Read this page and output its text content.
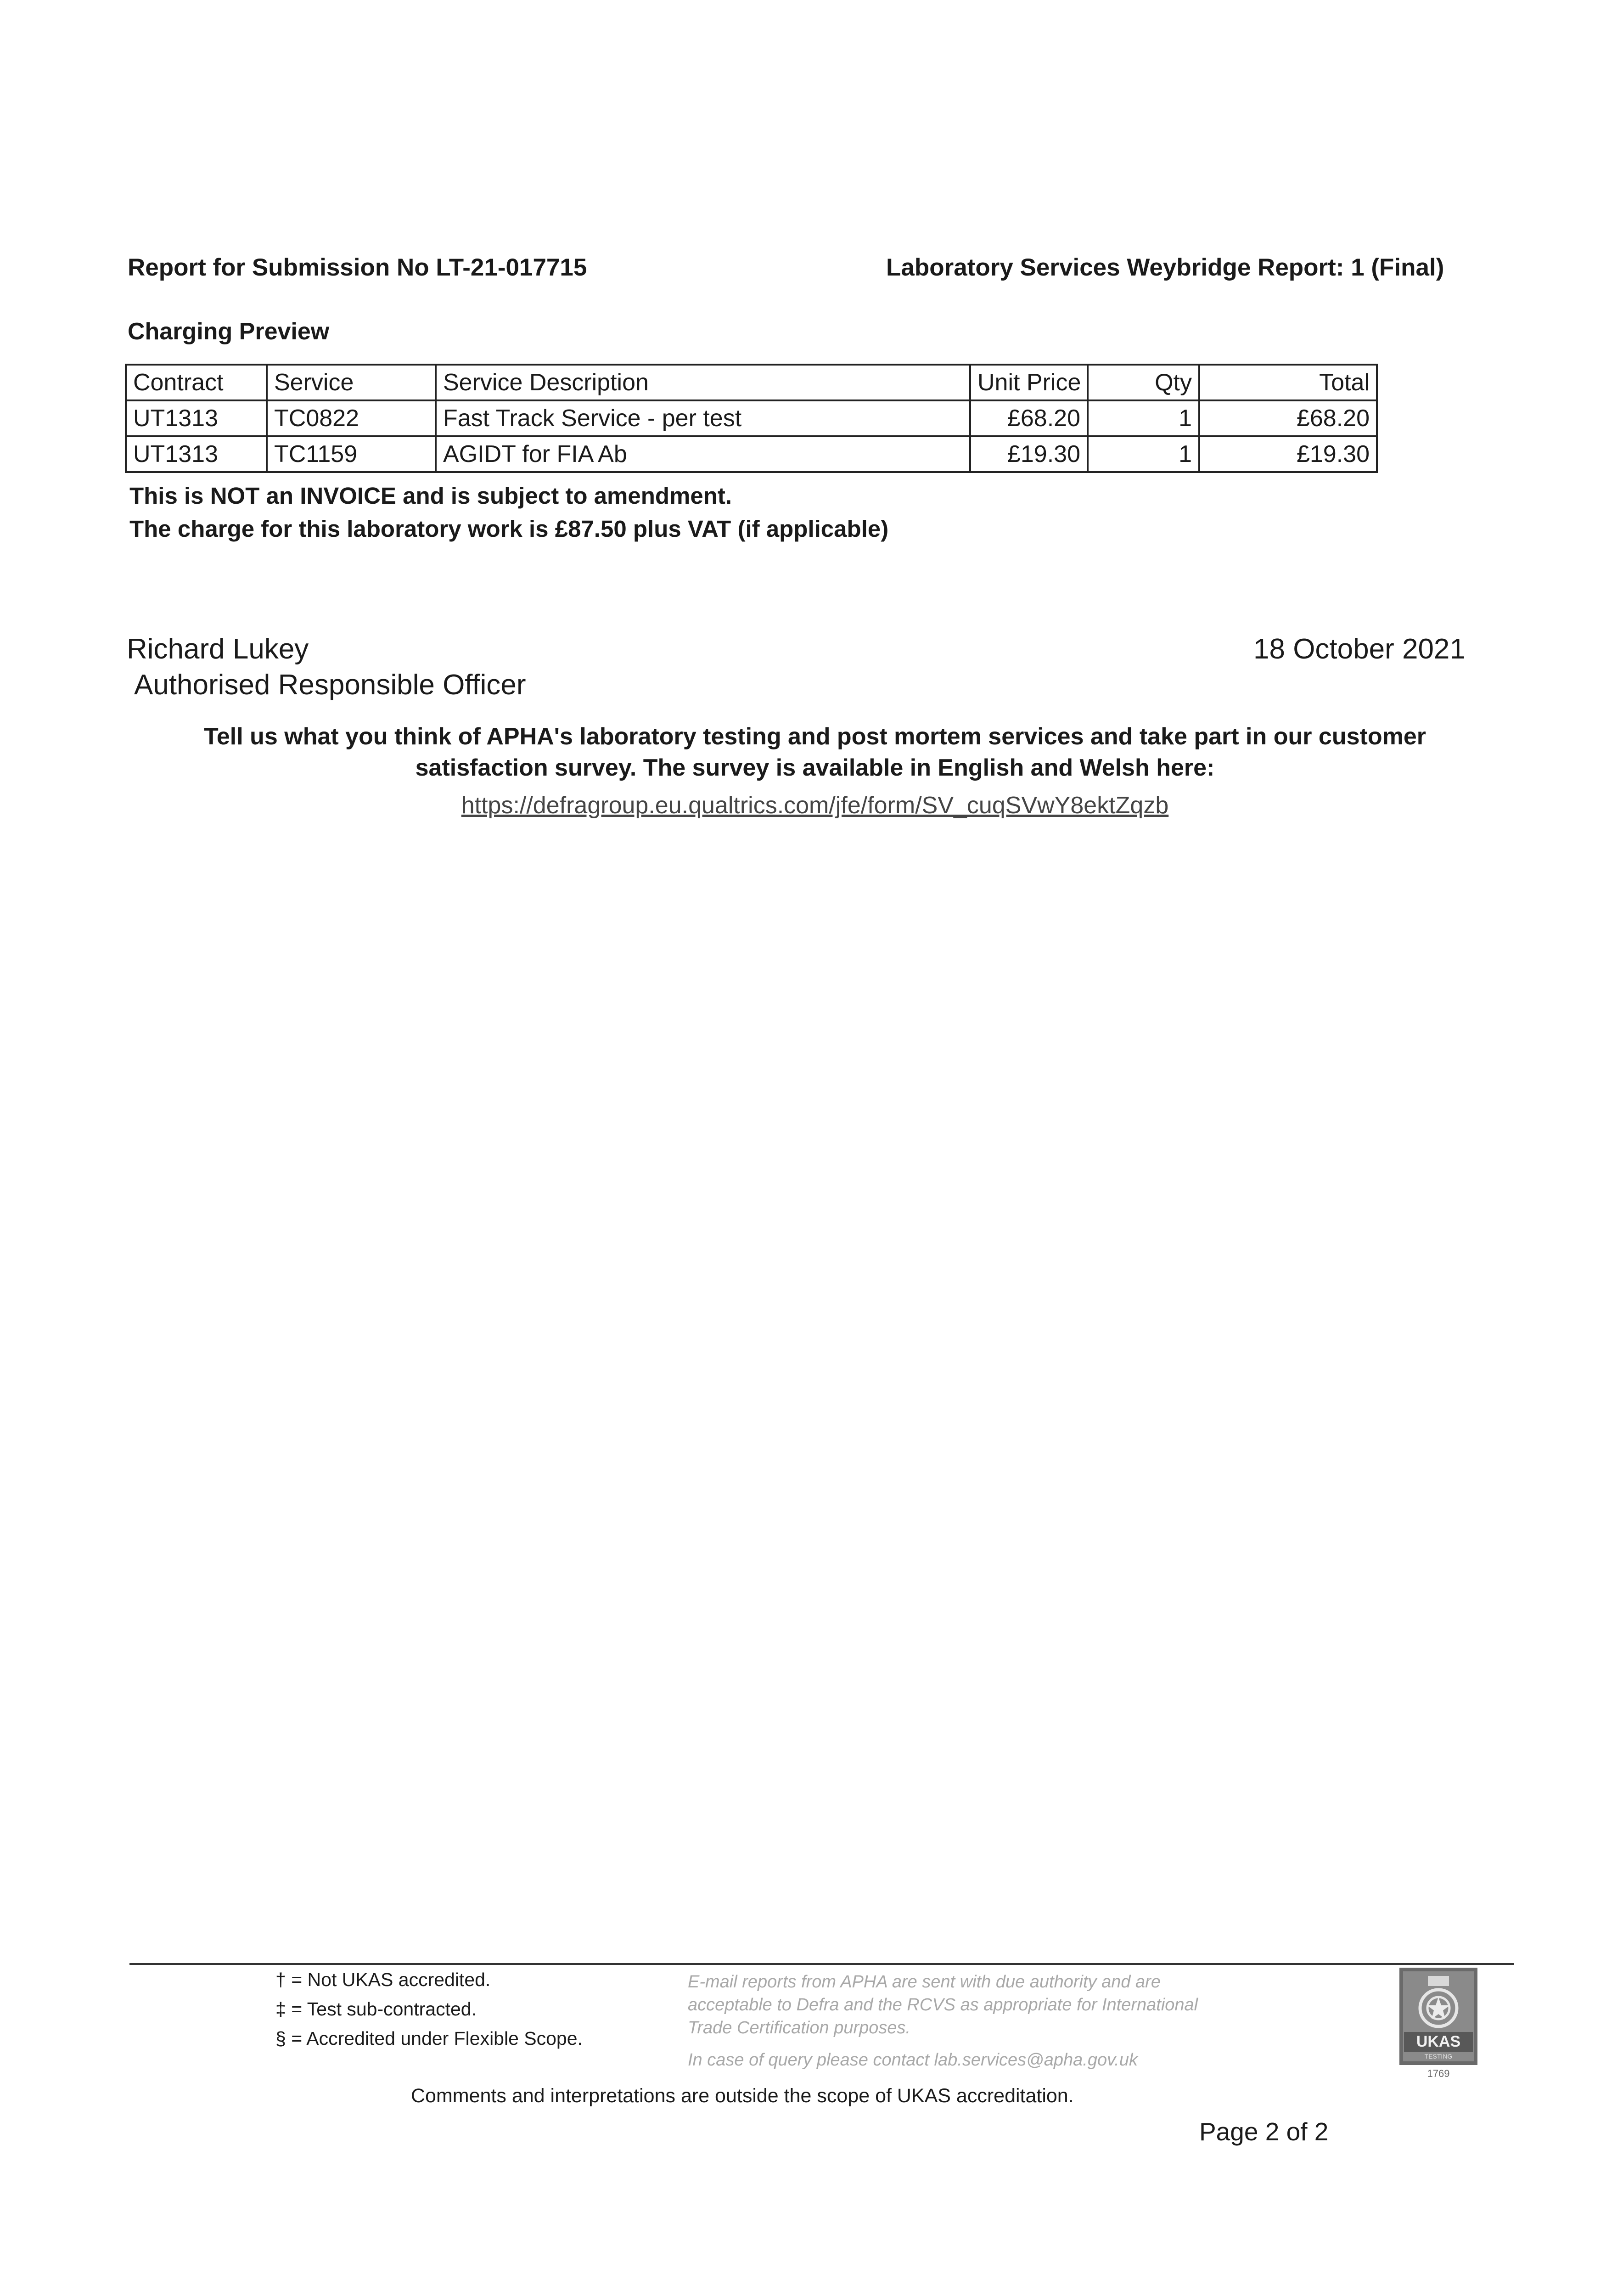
Report for Submission No LT-21-017715	Laboratory Services Weybridge Report: 1 (Final)
Charging Preview
Contract	Service	Service Description	Unit Price	Qty	Total
UT1313	TC0822	Fast Track Service - per test	£68.20	1	£68.20
UT1313	TC1159	AGIDT for FIA Ab	£19.30	1	£19.30
This is NOT an INVOICE and is subject to amendment.
The charge for this laboratory work is £87.50 plus VAT (if applicable)
Richard Lukey
Authorised Responsible Officer
18 October 2021
Tell us what you think of APHA's laboratory testing and post mortem services and take part in our customer
satisfaction survey. The survey is available in English and Welsh here:
https://defragroup.eu.qualtrics.com/jfe/form/SV_cuqSVwY8ektZqzb
† = Not UKAS accredited.
‡ = Test sub-contracted.
§ = Accredited under Flexible Scope.
E-mail reports from APHA are sent with due authority and are
acceptable to Defra and the RCVS as appropriate for International
Trade Certification purposes.
In case of query please contact lab.services@apha.gov.uk
UKAS
TESTING
1769
Comments and interpretations are outside the scope of UKAS accreditation.
Page 2 of 2
